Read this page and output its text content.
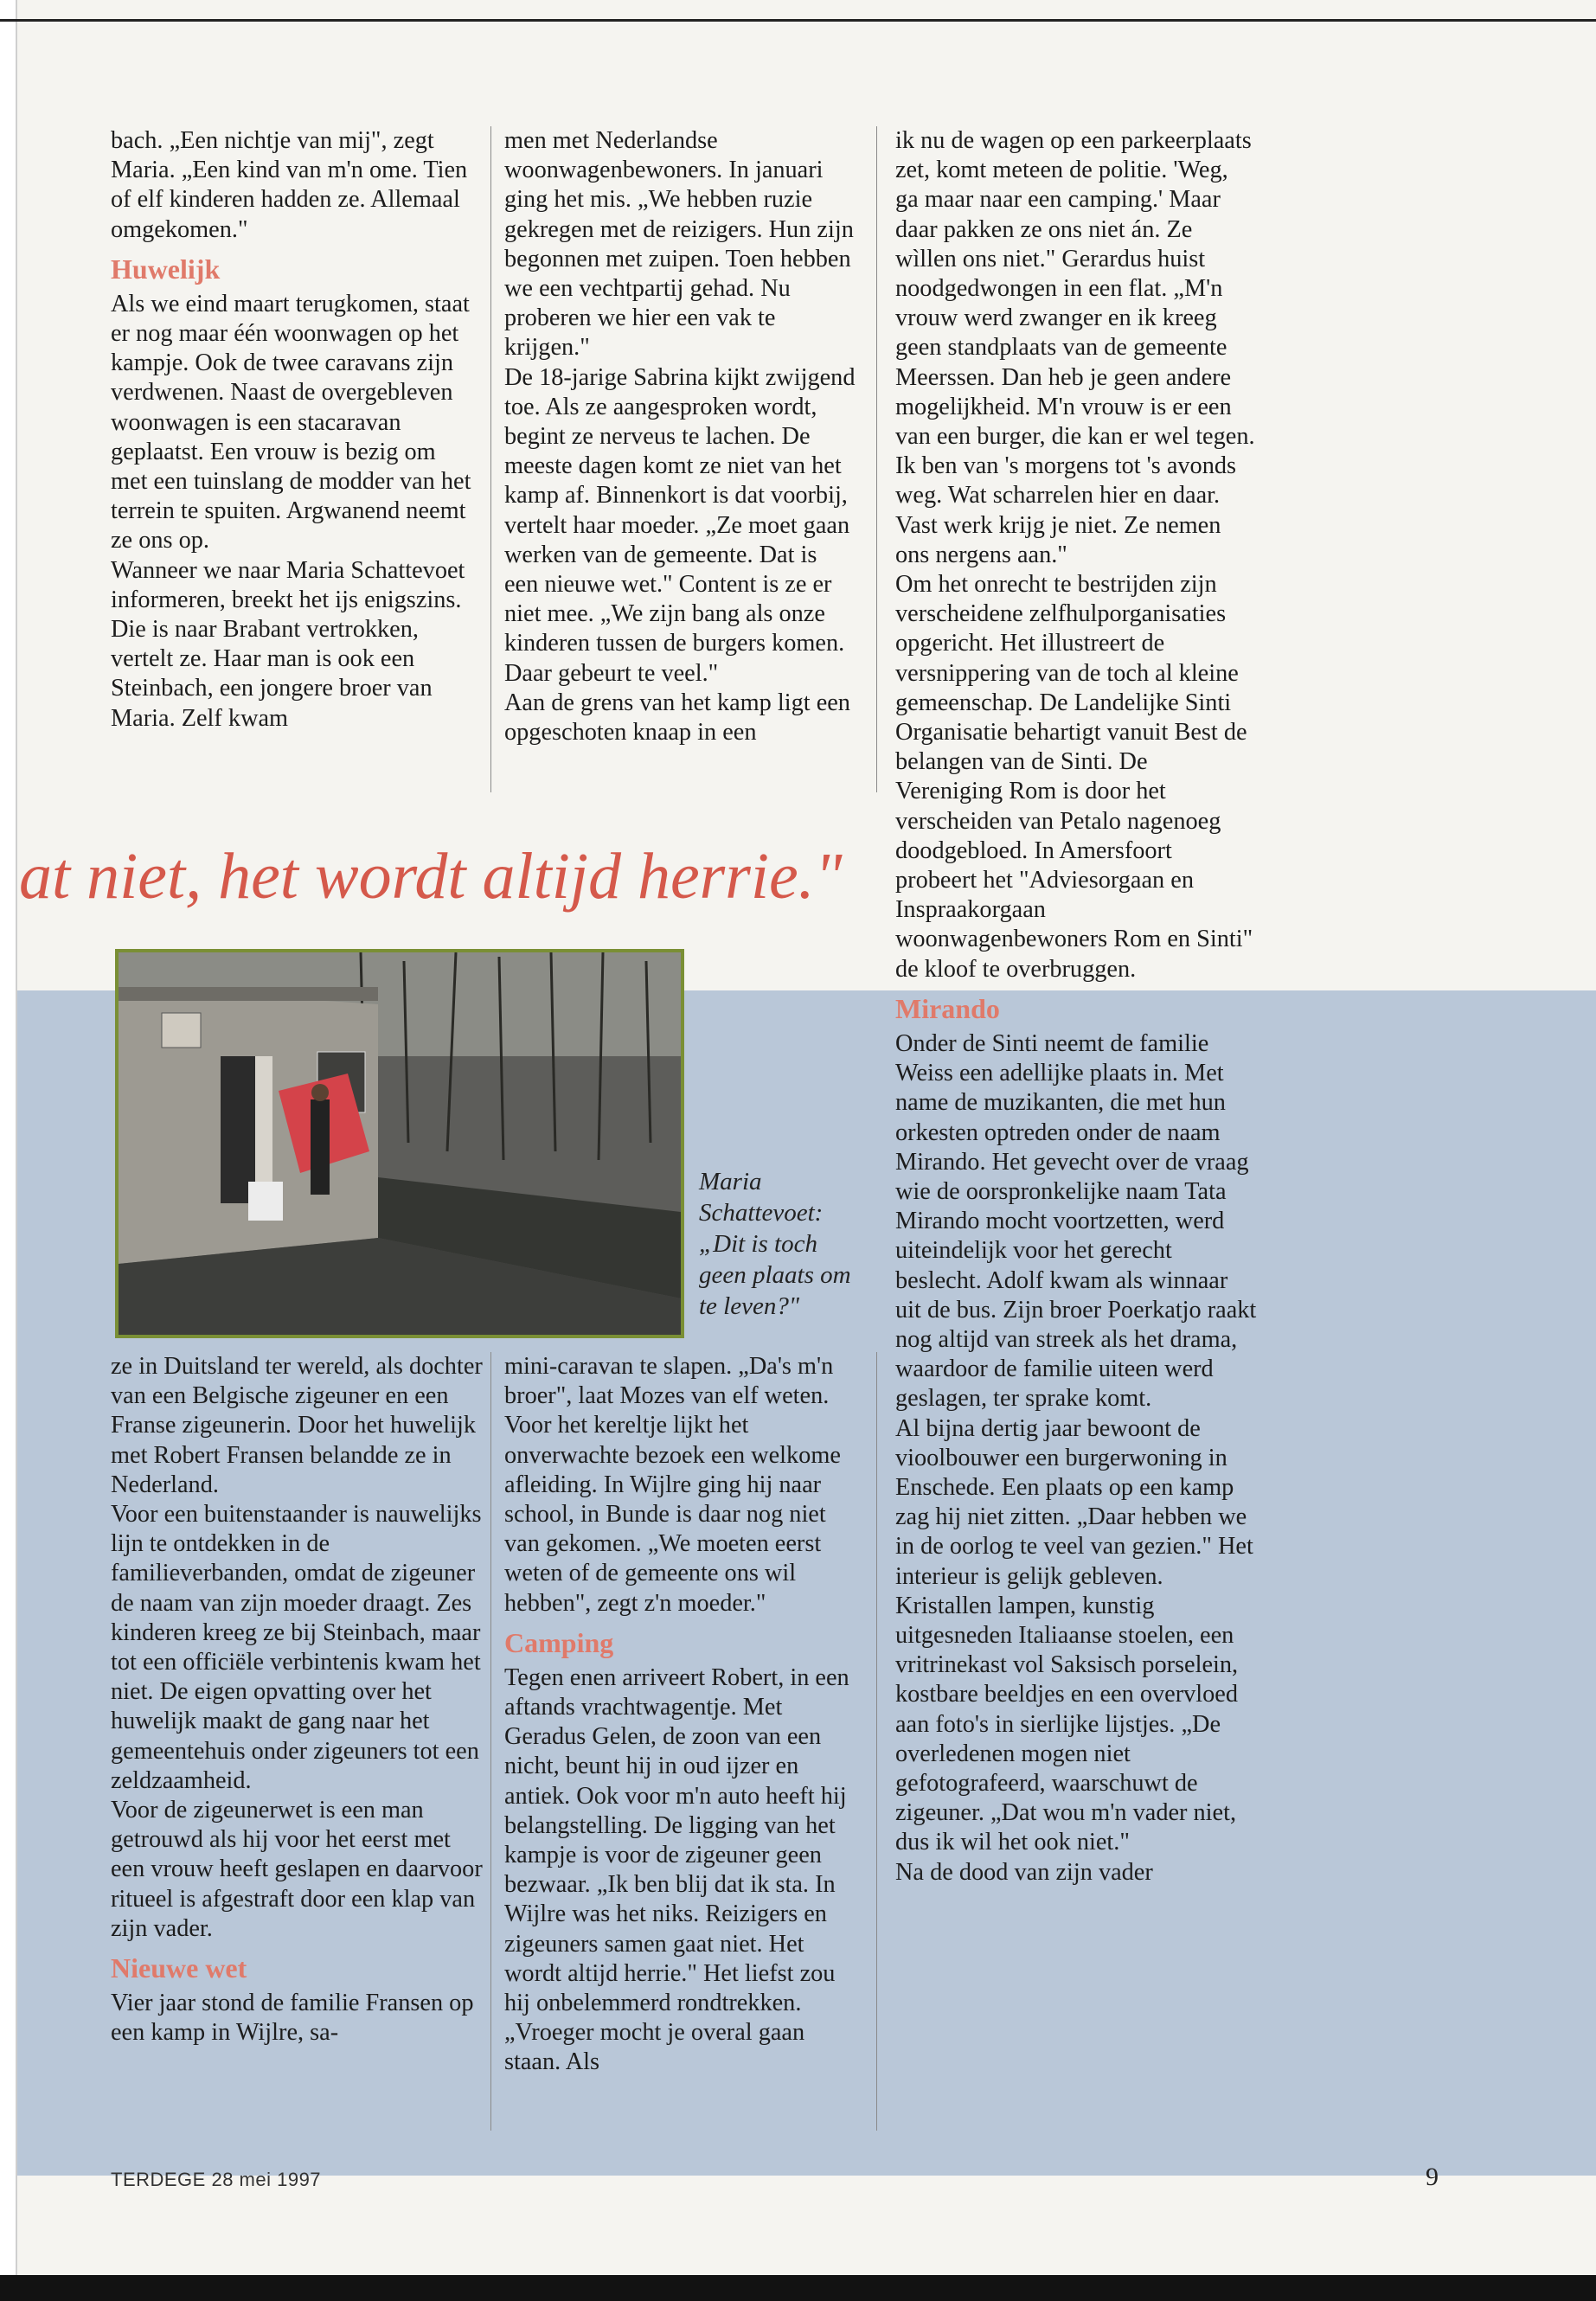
bach. „Een nichtje van mij", zegt Maria. „Een kind van m'n ome. Tien of elf kinderen hadden ze. Allemaal omgekomen."

Huwelijk

Als we eind maart terugkomen, staat er nog maar één woonwagen op het kampje. Ook de twee caravans zijn verdwenen. Naast de overgebleven woonwagen is een stacaravan geplaatst. Een vrouw is bezig om met een tuinslang de modder van het terrein te spuiten. Argwanend neemt ze ons op.

Wanneer we naar Maria Schattevoet informeren, breekt het ijs enigszins. Die is naar Brabant vertrokken, vertelt ze. Haar man is ook een Steinbach, een jongere broer van Maria. Zelf kwam

men met Nederlandse woonwagenbewoners. In januari ging het mis. „We hebben ruzie gekregen met de reizigers. Hun zijn begonnen met zuipen. Toen hebben we een vechtpartij gehad. Nu proberen we hier een vak te krijgen."

De 18-jarige Sabrina kijkt zwijgend toe. Als ze aangesproken wordt, begint ze nerveus te lachen. De meeste dagen komt ze niet van het kamp af. Binnenkort is dat voorbij, vertelt haar moeder. „Ze moet gaan werken van de gemeente. Dat is een nieuwe wet." Content is ze er niet mee. „We zijn bang als onze kinderen tussen de burgers komen. Daar gebeurt te veel."

Aan de grens van het kamp ligt een opgeschoten knaap in een

ik nu de wagen op een parkeerplaats zet, komt meteen de politie. 'Weg, ga maar naar een camping.' Maar daar pakken ze ons niet án. Ze wìllen ons niet." Gerardus huist noodgedwongen in een flat. „M'n vrouw werd zwanger en ik kreeg geen standplaats van de gemeente Meerssen. Dan heb je geen andere mogelijkheid. M'n vrouw is er een van een burger, die kan er wel tegen. Ik ben van 's morgens tot 's avonds weg. Wat scharrelen hier en daar. Vast werk krijg je niet. Ze nemen ons nergens aan."

Om het onrecht te bestrijden zijn verscheidene zelfhulporganisaties opgericht. Het illustreert de versnippering van de toch al kleine gemeenschap. De Landelijke Sinti Organisatie behartigt vanuit Best de belangen van de Sinti. De Vereniging Rom is door het verscheiden van Petalo nagenoeg doodgebloed. In Amersfoort probeert het "Adviesorgaan en Inspraakorgaan woonwagenbewoners Rom en Sinti" de kloof te overbruggen.

Mirando

Onder de Sinti neemt de familie Weiss een adellijke plaats in. Met name de muzikanten, die met hun orkesten optreden onder de naam Mirando. Het gevecht over de vraag wie de oorspronkelijke naam Tata Mirando mocht voortzetten, werd uiteindelijk voor het gerecht beslecht. Adolf kwam als winnaar uit de bus. Zijn broer Poerkatjo raakt nog altijd van streek als het drama, waardoor de familie uiteen werd geslagen, ter sprake komt.

Al bijna dertig jaar bewoont de vioolbouwer een burgerwoning in Enschede. Een plaats op een kamp zag hij niet zitten. „Daar hebben we in de oorlog te veel van gezien." Het interieur is gelijk gebleven. Kristallen lampen, kunstig uitgesneden Italiaanse stoelen, een vritrinekast vol Saksisch porselein, kostbare beeldjes en een overvloed aan foto's in sierlijke lijstjes. „De overledenen mogen niet gefotografeerd, waarschuwt de zigeuner. „Dat wou m'n vader niet, dus ik wil het ook niet."

Na de dood van zijn vader

at niet, het wordt altijd herrie."
Maria Schattevoet: „Dit is toch geen plaats om te leven?"

ze in Duitsland ter wereld, als dochter van een Belgische zigeuner en een Franse zigeunerin. Door het huwelijk met Robert Fransen belandde ze in Nederland.

Voor een buitenstaander is nauwelijks lijn te ontdekken in de familieverbanden, omdat de zigeuner de naam van zijn moeder draagt. Zes kinderen kreeg ze bij Steinbach, maar tot een officiële verbintenis kwam het niet. De eigen opvatting over het huwelijk maakt de gang naar het gemeentehuis onder zigeuners tot een zeldzaamheid.

Voor de zigeunerwet is een man getrouwd als hij voor het eerst met een vrouw heeft geslapen en daarvoor ritueel is afgestraft door een klap van zijn vader.

Nieuwe wet

Vier jaar stond de familie Fransen op een kamp in Wijlre, sa-

mini-caravan te slapen. „Da's m'n broer", laat Mozes van elf weten. Voor het kereltje lijkt het onverwachte bezoek een welkome afleiding. In Wijlre ging hij naar school, in Bunde is daar nog niet van gekomen. „We moeten eerst weten of de gemeente ons wil hebben", zegt z'n moeder."

Camping

Tegen enen arriveert Robert, in een aftands vrachtwagentje. Met Geradus Gelen, de zoon van een nicht, beunt hij in oud ijzer en antiek. Ook voor m'n auto heeft hij belangstelling. De ligging van het kampje is voor de zigeuner geen bezwaar. „Ik ben blij dat ik sta. In Wijlre was het niks. Reizigers en zigeuners samen gaat niet. Het wordt altijd herrie." Het liefst zou hij onbelemmerd rondtrekken. „Vroeger mocht je overal gaan staan. Als

TERDEGE 28 mei 1997	9
